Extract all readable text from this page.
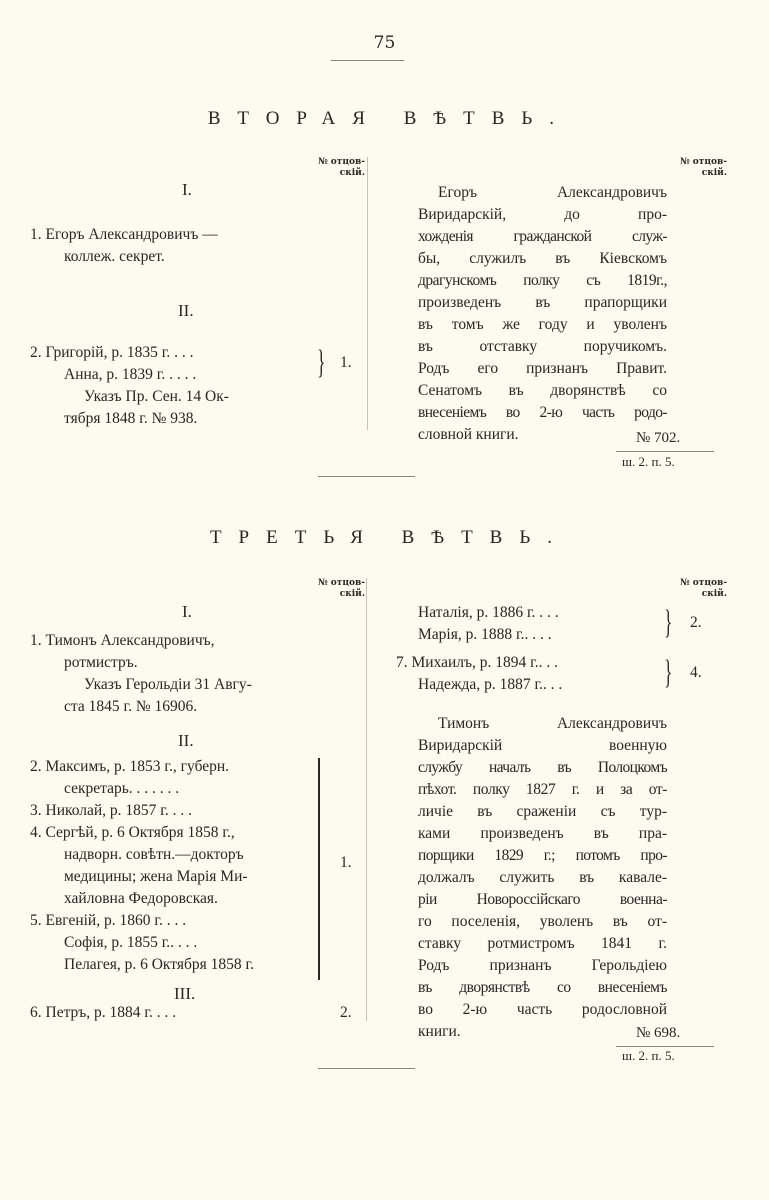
75
ВТОРАЯ ВѢТВЬ.
№ отцов-
скій.
I.
1. Егоръ Александровичъ —
коллеж. секрет.
II.
2. Григорій, р. 1835 г. . . .
Анна, р. 1839 г. . . . .	} 1.
Указъ Пр. Сен. 14 Ок-
тября 1848 г. № 938.
№ отцов-
скій.
Егоръ Александровичъ
Виридарскій, до про-
хожденія гражданской служ-
бы, служилъ въ Кіевскомъ
драгунскомъ полку съ 1819г.,
произведенъ въ прапорщики
въ томъ же году и уволенъ
въ отставку поручикомъ.
Родъ его признанъ Правит.
Сенатомъ въ дворянствѣ со
внесеніемъ во 2-ю часть родо-
словной книги.	№ 702.
ш. 2. п. 5.
ТРЕТЬЯ ВѢТВЬ.
№ отцов-
скій.
I.
1. Тимонъ Александровичъ,
ротмистръ.
Указъ Герольдіи 31 Авгу-
ста 1845 г. № 16906.
II.
2. Максимъ, р. 1853 г., губерн.
секретарь. . . . . . .
3. Николай, р. 1857 г. . . .
4. Сергѣй, р. 6 Октября 1858 г.,
надворн. совѣтн.—докторъ
медицины; жена Марія Ми-
хайловна Федоровская.
5. Евгеній, р. 1860 г. . . .
Софія, р. 1855 г.. . . .
Пелагея, р. 6 Октября 1858 г.
1.
III.
6. Петръ, р. 1884 г. . . .	2.
№ отцов-
скій.
Наталія, р. 1886 г. . . .
Марія, р. 1888 г.. . . .	} 2.
7. Михаилъ, р. 1894 г.. . .
Надежда, р. 1887 г.. . .	} 4.
Тимонъ Александровичъ
Виридарскій военную
службу началъ въ Полоцкомъ
пѣхот. полку 1827 г. и за от-
личіе въ сраженіи съ тур-
ками произведенъ въ пра-
порщики 1829 г.; потомъ про-
должалъ служить въ кавале-
ріи Новороссійскаго военна-
го поселенія, уволенъ въ от-
ставку ротмистромъ 1841 г.
Родъ признанъ Герольдіею
въ дворянствѣ со внесеніемъ
во 2-ю часть родословной
книги.	№ 698.
ш. 2. п. 5.
